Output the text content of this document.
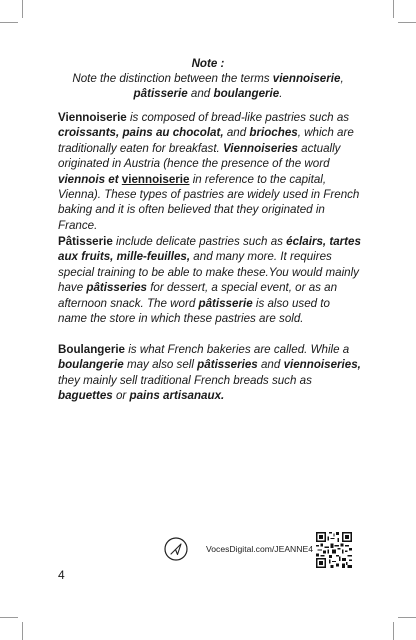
Note :
Note the distinction between the terms viennoiserie,
pâtisserie and boulangerie.

Viennoiserie is composed of bread-like pastries such as croissants, pains au chocolat, and brioches, which are traditionally eaten for breakfast. Viennoiseries actually originated in Austria (hence the presence of the word viennois et viennoiserie in reference to the capital, Vienna). These types of pastries are widely used in French baking and it is often believed that they originated in France.

Pâtisserie include delicate pastries such as éclairs, tartes aux fruits, mille-feuilles, and many more. It requires special training to be able to make these.You would mainly have pâtisseries for dessert, a special event, or as an afternoon snack. The word pâtisserie is also used to name the store in which these pastries are sold.

Boulangerie is what French bakeries are called. While a boulangerie may also sell pâtisseries and viennoiseries, they mainly sell traditional French breads such as baguettes or pains artisanaux.

VocesDigital.com/JEANNE4
4
